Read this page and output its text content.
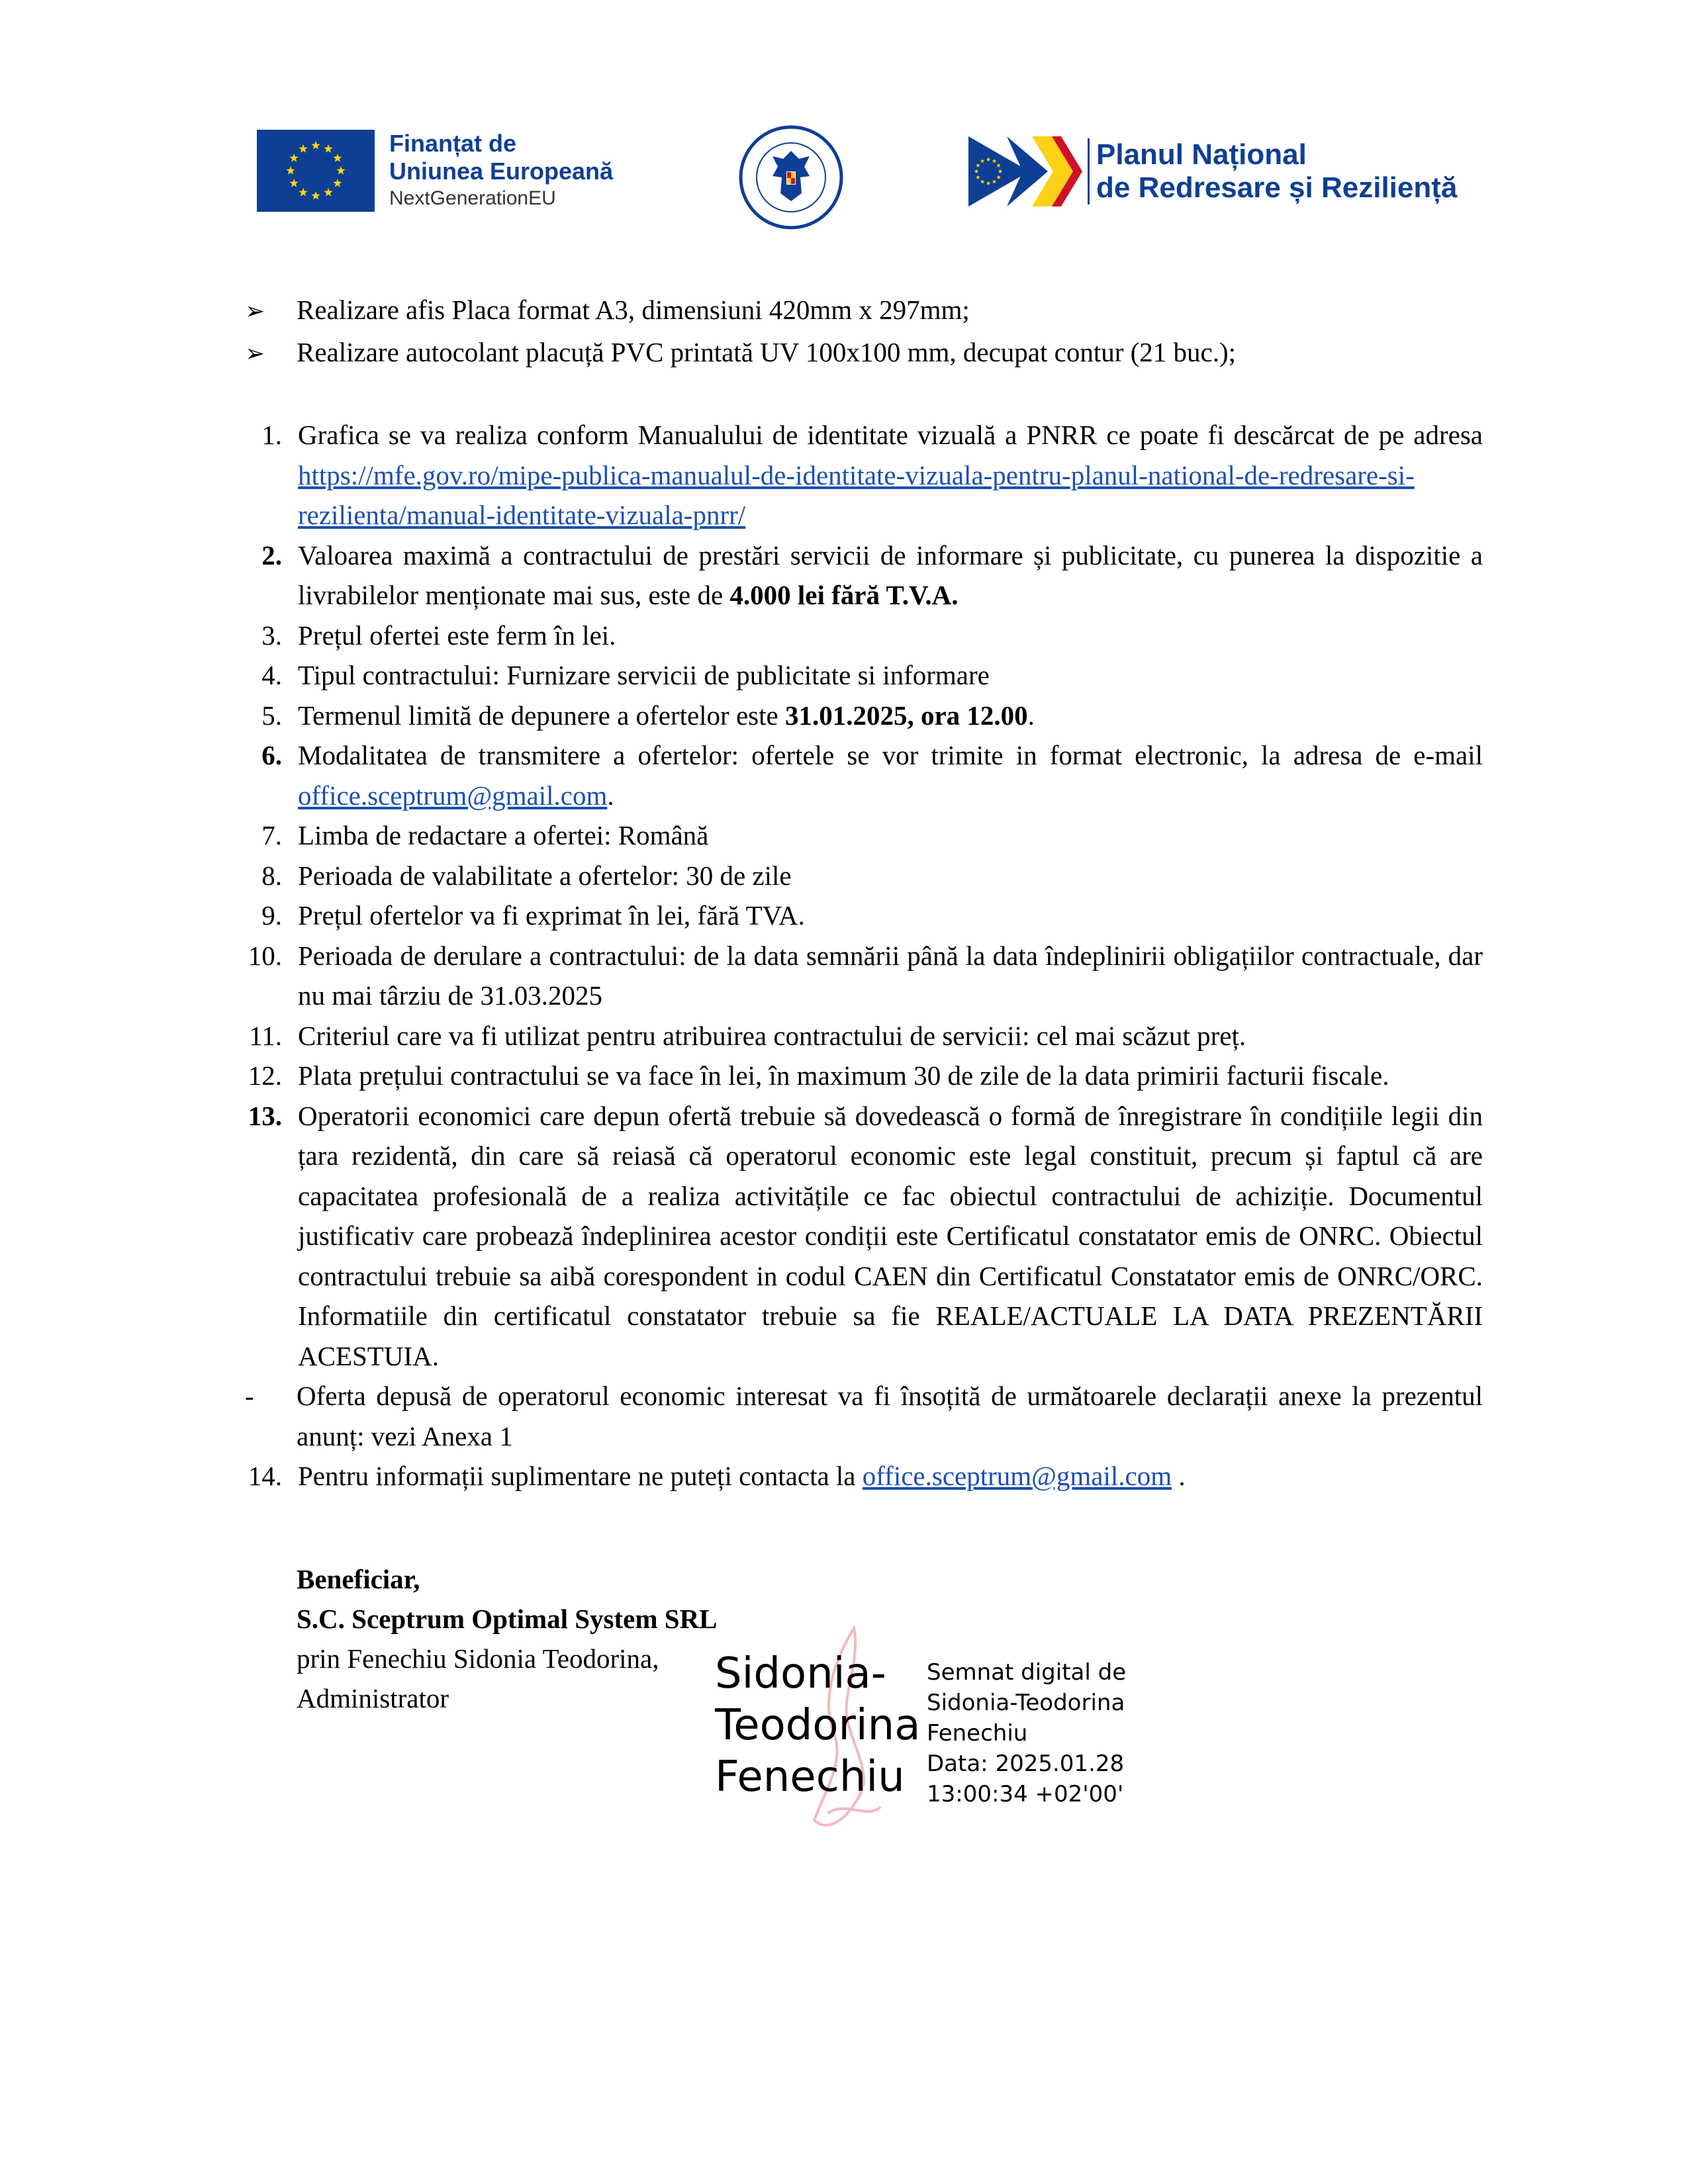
Finanțat de
Uniunea Europeană
NextGenerationEU
Planul Național
de Redresare și Reziliență
➢	Realizare afis Placa format A3, dimensiuni 420mm x 297mm;
➢	Realizare autocolant placuță PVC printată UV 100x100 mm, decupat contur (21 buc.);
1. Grafica se va realiza conform Manualului de identitate vizuală a PNRR ce poate fi descărcat de pe adresa https://mfe.gov.ro/mipe-publica-manualul-de-identitate-vizuala-pentru-planul-national-de-redresare-si-rezilienta/manual-identitate-vizuala-pnrr/
2. Valoarea maximă a contractului de prestări servicii de informare și publicitate, cu punerea la dispozitie a livrabilelor menționate mai sus, este de 4.000 lei fără T.V.A.
3. Prețul ofertei este ferm în lei.
4. Tipul contractului: Furnizare servicii de publicitate si informare
5. Termenul limită de depunere a ofertelor este 31.01.2025, ora 12.00.
6. Modalitatea de transmitere a ofertelor: ofertele se vor trimite in format electronic, la adresa de e-mail office.sceptrum@gmail.com.
7. Limba de redactare a ofertei: Română
8. Perioada de valabilitate a ofertelor: 30 de zile
9. Prețul ofertelor va fi exprimat în lei, fără TVA.
10. Perioada de derulare a contractului: de la data semnării până la data îndeplinirii obligațiilor contractuale, dar nu mai târziu de 31.03.2025
11. Criteriul care va fi utilizat pentru atribuirea contractului de servicii: cel mai scăzut preț.
12. Plata prețului contractului se va face în lei, în maximum 30 de zile de la data primirii facturii fiscale.
13. Operatorii economici care depun ofertă trebuie să dovedească o formă de înregistrare în condițiile legii din țara rezidentă, din care să reiasă că operatorul economic este legal constituit, precum și faptul că are capacitatea profesională de a realiza activitățile ce fac obiectul contractului de achiziție. Documentul justificativ care probează îndeplinirea acestor condiții este Certificatul constatator emis de ONRC. Obiectul contractului trebuie sa aibă corespondent in codul CAEN din Certificatul Constatator emis de ONRC/ORC. Informatiile din certificatul constatator trebuie sa fie REALE/ACTUALE LA DATA PREZENTĂRII ACESTUIA.
-	Oferta depusă de operatorul economic interesat va fi însoțită de următoarele declarații anexe la prezentul anunț: vezi Anexa 1
14. Pentru informații suplimentare ne puteți contacta la office.sceptrum@gmail.com .
Beneficiar,
S.C. Sceptrum Optimal System SRL
prin Fenechiu Sidonia Teodorina,
Administrator	Sidonia-
Teodorina
Fenechiu
Semnat digital de
Sidonia-Teodorina
Fenechiu
Data: 2025.01.28
13:00:34 +02'00'
